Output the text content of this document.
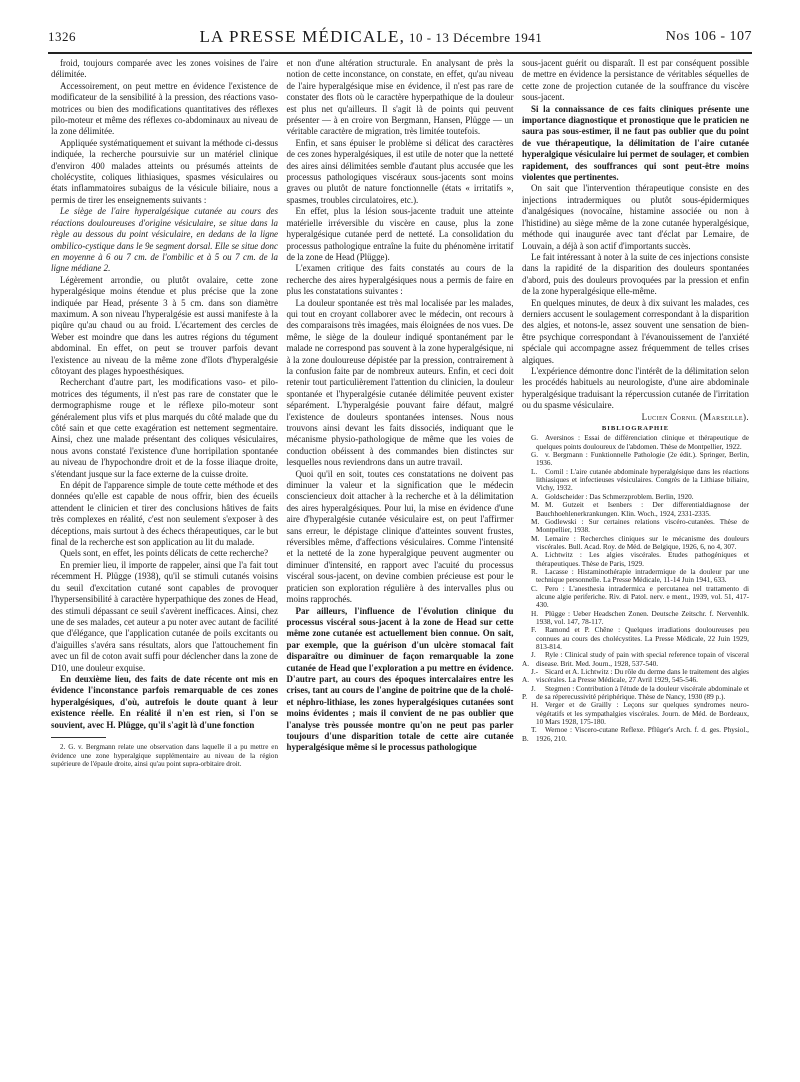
1326	LA PRESSE MÉDICALE, 10 - 13 Décembre 1941	Nos 106 - 107

froid, toujours comparée avec les zones voisines de l'aire délimitée.

Accessoirement, on peut mettre en évidence l'existence de modificateur de la sensibilité à la pression, des réactions vaso-motrices ou bien des modifications quantitatives des réflexes pilo-moteur et même des réflexes co-abdominaux au niveau de la zone délimitée.

Appliquée systématiquement et suivant la méthode ci-dessus indiquée, la recherche poursuivie sur un matériel clinique d'environ 400 malades atteints ou présumés atteints de cholécystite, coliques lithiasiques, spasmes vésiculaires ou états inflammatoires subaigus de la vésicule biliaire, nous a permis de tirer les enseignements suivants :

Le siège de l'aire hyperalgésique cutanée au cours des réactions douloureuses d'origine vésiculaire, se situe dans la règle au dessous du point vésiculaire, en dedans de la ligne ombilico-cystique dans le 9e segment dorsal. Elle se situe donc en moyenne à 6 ou 7 cm. de l'ombilic et à 5 ou 7 cm. de la ligne médiane 2.

Légèrement arrondie, ou plutôt ovalaire, cette zone hyperalgésique moins étendue et plus précise que la zone indiquée par Head, présente 3 à 5 cm. dans son diamètre maximum. A son niveau l'hyperalgésie est aussi manifeste à la piqûre qu'au chaud ou au froid. L'écartement des cercles de Weber est moindre que dans les autres régions du tégument abdominal. En effet, on peut se trouver parfois devant l'existence au niveau de la même zone d'îlots d'hyperalgésie côtoyant des plages hypoesthésiques.

Recherchant d'autre part, les modifications vaso- et pilo-motrices des téguments, il n'est pas rare de constater que le dermographisme rouge et le réflexe pilo-moteur sont généralement plus vifs et plus marqués du côté malade que du côté sain et que cette exagération est nettement segmentaire. Ainsi, chez une malade présentant des coliques vésiculaires, nous avons constaté l'existence d'une horripilation spontanée au niveau de l'hypochondre droit et de la fosse iliaque droite, s'étendant jusque sur la face externe de la cuisse droite.

En dépit de l'apparence simple de toute cette méthode et des données qu'elle est capable de nous offrir, bien des écueils attendent le clinicien et tirer des conclusions hâtives de faits très complexes en réalité, c'est non seulement s'exposer à des déceptions, mais surtout à des échecs thérapeutiques, car le but final de la recherche est son application au lit du malade.

Quels sont, en effet, les points délicats de cette recherche?

En premier lieu, il importe de rappeler, ainsi que l'a fait tout récemment H. Plügge (1938), qu'il se stimuli cutanés voisins du seuil d'excitation cutané sont capables de provoquer l'hypersensibilité à caractère hyperpathique des zones de Head, des stimuli dépassant ce seuil s'avèrent inefficaces. Ainsi, chez une de ses malades, cet auteur a pu noter avec autant de facilité que d'élégance, que l'application cutanée de poils excitants ou d'aiguilles s'avéra sans résultats, alors que l'attouchement fin avec un fil de coton avait suffi pour déclencher dans la zone de D10, une douleur exquise.

En deuxième lieu, des faits de date récente ont mis en évidence l'inconstance parfois remarquable de ces zones hyperalgésiques, d'où, autrefois le doute quant à leur existence réelle. En réalité il n'en est rien, si l'on se souvient, avec H. Plügge, qu'il s'agit là d'une fonction

2. G. v. Bergmann relate une observation dans laquelle il a pu mettre en évidence une zone hyperalgique supplémentaire au niveau de la région supérieure de l'épaule droite, ainsi qu'au point supra-orbitaire droit.

et non d'une altération structurale. En analysant de près la notion de cette inconstance, on constate, en effet, qu'au niveau de l'aire hyperalgésique mise en évidence, il n'est pas rare de constater des flots où le caractère hyperpathique de la douleur est plus net qu'ailleurs. Il s'agit là de points qui peuvent présenter — à en croire von Bergmann, Hansen, Plügge — un véritable caractère de migration, très limitée toutefois.

Enfin, et sans épuiser le problème si délicat des caractères de ces zones hyperalgésiques, il est utile de noter que la netteté des aires ainsi délimitées semble d'autant plus accusée que les processus pathologiques viscéraux sous-jacents sont moins graves ou plutôt de nature fonctionnelle (états « irritatifs », spasmes, troubles circulatoires, etc.).

En effet, plus la lésion sous-jacente traduit une atteinte matérielle irréversible du viscère en cause, plus la zone hyperalgésique cutanée perd de netteté. La consolidation du processus pathologique entraîne la fuite du phénomène irritatif de la zone de Head (Plügge).

L'examen critique des faits constatés au cours de la recherche des aires hyperalgésiques nous a permis de faire en plus les constatations suivantes :

La douleur spontanée est très mal localisée par les malades, qui tout en croyant collaborer avec le médecin, ont recours à des comparaisons très imagées, mais éloignées de nos vues. De même, le siège de la douleur indiqué spontanément par le malade ne correspond pas souvent à la zone hyperalgésique, ni à la zone douloureuse dépistée par la pression, contrairement à la confusion faite par de nombreux auteurs. Enfin, et ceci doit retenir tout particulièrement l'attention du clinicien, la douleur spontanée et l'hyperalgésie cutanée délimitée peuvent exister séparément. L'hyperalgésie pouvant faire défaut, malgré l'existence de douleurs spontanées intenses. Nous nous trouvons ainsi devant les faits dissociés, indiquant que le mécanisme physio-pathologique de même que les voies de conduction obéissent à des commandes bien distinctes sur lesquelles nous reviendrons dans un autre travail.

Quoi qu'il en soit, toutes ces constatations ne doivent pas diminuer la valeur et la signification que le médecin consciencieux doit attacher à la recherche et à la délimitation des aires hyperalgésiques. Pour lui, la mise en évidence d'une aire d'hyperalgésie cutanée vésiculaire est, on peut l'affirmer sans erreur, le dépistage clinique d'atteintes souvent frustes, réversibles même, d'affections vésiculaires. Comme l'intensité et la netteté de la zone hyperalgique peuvent augmenter ou diminuer d'intensité, en rapport avec l'acuité du processus viscéral sous-jacent, on devine combien précieuse est pour le praticien son exploration régulière à des intervalles plus ou moins rapprochés.

Par ailleurs, l'influence de l'évolution clinique du processus viscéral sous-jacent à la zone de Head sur cette même zone cutanée est actuellement bien connue. On sait, par exemple, que la guérison d'un ulcère stomacal fait disparaître ou diminuer de façon remarquable la zone cutanée de Head que l'exploration a pu mettre en évidence. D'autre part, au cours des époques intercalaires entre les crises, tant au cours de l'angine de poitrine que de la cholé- et néphro-lithiase, les zones hyperalgésiques cutanées sont moins évidentes ; mais il convient de ne pas oublier que l'analyse très poussée montre qu'on ne peut pas parler toujours d'une disparition totale de cette aire cutanée hyperalgésique même si le processus pathologique

sous-jacent guérit ou disparaît. Il est par conséquent possible de mettre en évidence la persistance de véritables séquelles de cette zone de projection cutanée de la souffrance du viscère sous-jacent.

Si la connaissance de ces faits cliniques présente une importance diagnostique et pronostique que le praticien ne saura pas sous-estimer, il ne faut pas oublier que du point de vue thérapeutique, la délimitation de l'aire cutanée hyperalgique vésiculaire lui permet de soulager, et combien rapidement, des souffrances qui sont peut-être moins violentes que pertinentes.

On sait que l'intervention thérapeutique consiste en des injections intradermiques ou plutôt sous-épidermiques d'analgésiques (novocaïne, histamine associée ou non à l'histidine) au siège même de la zone cutanée hyperalgésique, méthode qui inaugurée avec tant d'éclat par Lemaire, de Louvain, a déjà à son actif d'importants succès.

Le fait intéressant à noter à la suite de ces injections consiste dans la rapidité de la disparition des douleurs spontanées d'abord, puis des douleurs provoquées par la pression et enfin de la zone hyperalgésique elle-même.

En quelques minutes, de deux à dix suivant les malades, ces derniers accusent le soulagement correspondant à la disparition des algies, et notons-le, assez souvent une sensation de bien-être psychique correspondant à l'évanouissement de l'anxiété spéciale qui accompagne assez fréquemment de telles crises algiques.

L'expérience démontre donc l'intérêt de la délimitation selon les procédés habituels au neurologiste, d'une aire abdominale hyperalgésique traduisant la répercussion cutanée de l'irritation ou du spasme vésiculaire.

Lucien Cornil (Marseille).

BIBLIOGRAPHIE

G. Aversinos : Essai de différenciation clinique et thérapeutique de quelques points douloureux de l'abdomen. Thèse de Montpellier, 1922.

G. v. Bergmann : Funktionnelle Pathologie (2e édit.). Springer, Berlin, 1936.

L. Cornil : L'aire cutanée abdominale hyperalgésique dans les réactions lithiasiques et infectieuses vésiculaires. Congrès de la Lithiase biliaire, Vichy, 1932.

A. Goldscheider : Das Schmerzproblem. Berlin, 1920.

M. M. Gutzeit et Isenbers : Der differentialdiagnose der Bauchhoehlenerkrankungen. Klin. Woch., 1924, 2331-2335.

M. Godlewski : Sur certaines relations viscéro-cutanées. Thèse de Montpellier, 1938.

M. Lemaire : Recherches cliniques sur le mécanisme des douleurs viscérales. Bull. Acad. Roy. de Méd. de Belgique, 1926, 6, no 4, 307.

A. Lichtwitz : Les algies viscérales. Etudes pathogéniques et thérapeutiques. Thèse de Paris, 1929.

R. Lacasse : Histaminothérapie intradermique de la douleur par une technique personnelle. La Presse Médicale, 11-14 Juin 1941, 633.

C. Pero : L'anesthesia intradermica e percutanea nel trattamento di alcune algie periferiche. Riv. di Patol. nerv. e ment., 1939, vol. 51, 417-430.

H. Plügge : Ueber Headschen Zonen. Deutsche Zeitschr. f. Nervenhlk. 1938, vol. 147, 78-117.

F. Ramond et P. Chêne : Quelques irradiations douloureuses peu connues au cours des cholécystites. La Presse Médicale, 22 Juin 1929, 813-814.

J. A.
Ryle : Clinical study of pain with special reference topain of visceral disease. Brit. Med. Journ., 1928, 537-540.

J.-A.
Sicard et A. Lichtwitz : Du rôle du derme dans le traitement des algies viscérales. La Presse Médicale, 27 Avril 1929, 545-546.

J. P.
Stegmen : Contribution à l'étude de la douleur viscérale abdominale et de sa réperecussivité périphérique. Thèse de Nancy, 1930 (89 p.).

H. Verger et de Grailly : Leçons sur quelques syndromes neuro-végétatifs et les sympathalgies viscérales. Journ. de Méd. de Bordeaux, 10 Mars 1928, 175-180.

T. B.
Wernoe : Viscero-cutane Reflexe. Pflüger's Arch. f. d. ges. Physiol., 1926, 210.
